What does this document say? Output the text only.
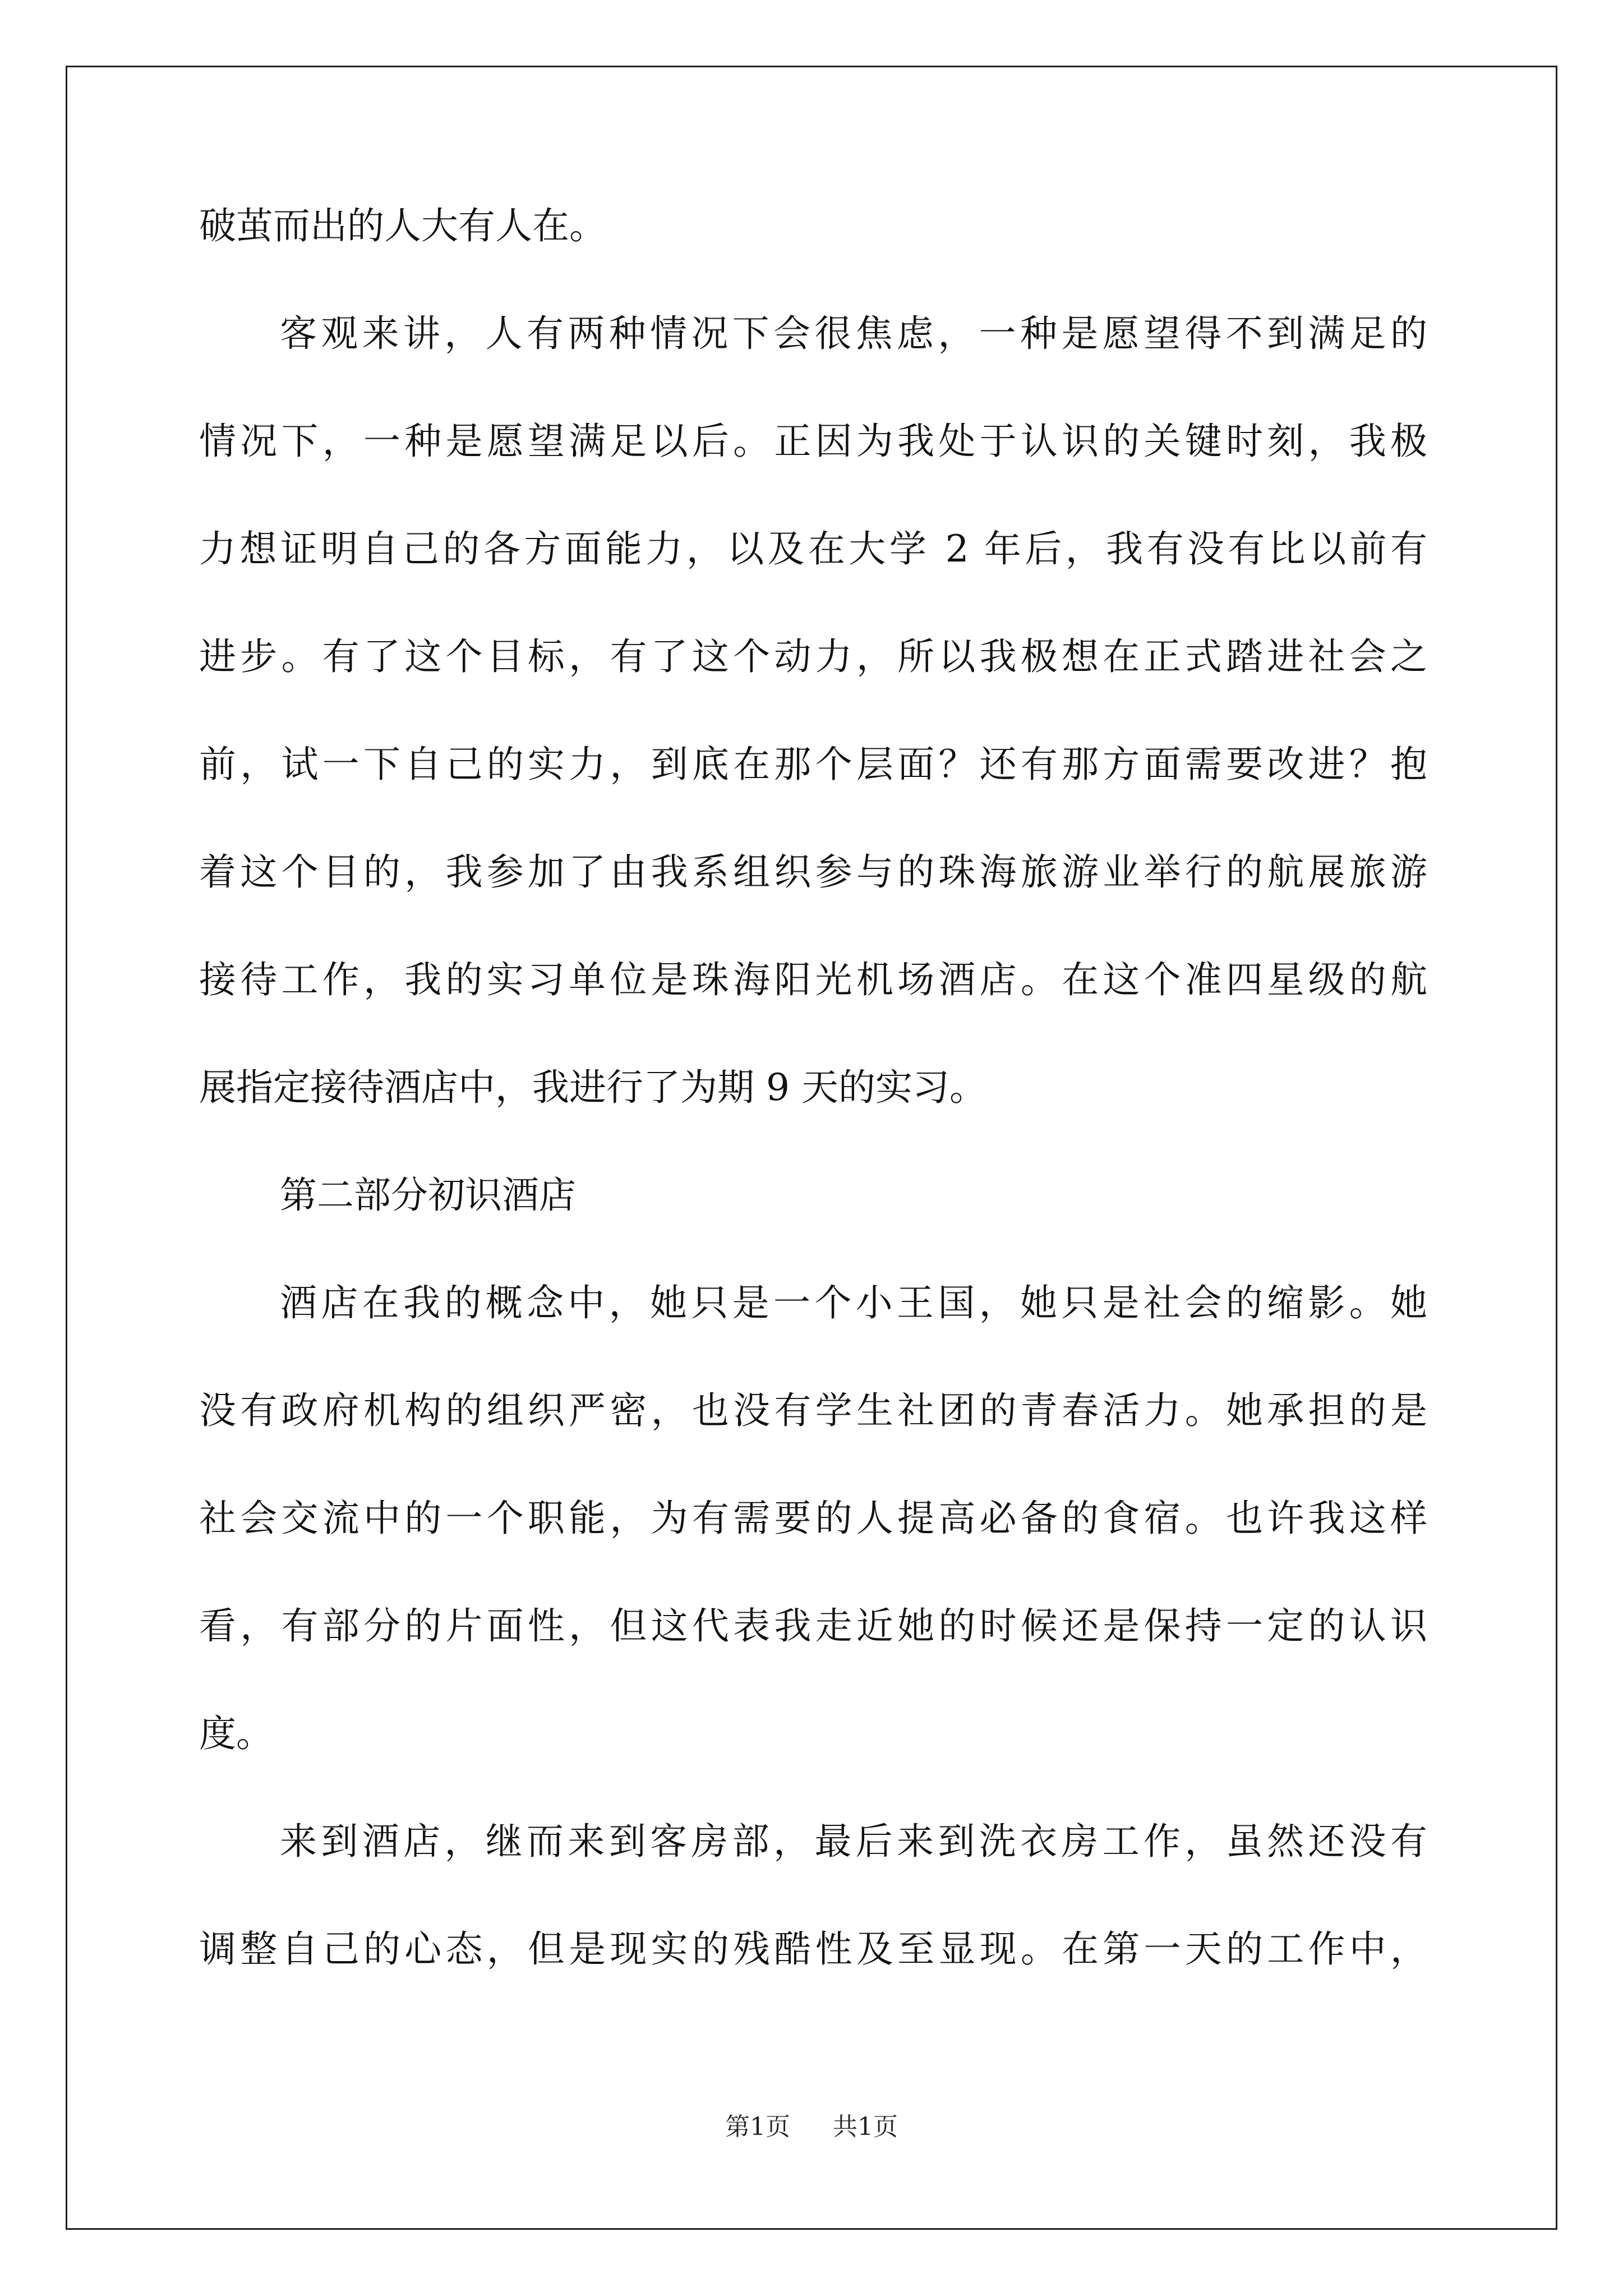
破茧而出的人大有人在。
客观来讲，人有两种情况下会很焦虑，一种是愿望得不到满足的
情况下，一种是愿望满足以后。正因为我处于认识的关键时刻，我极
力想证明自己的各方面能力，以及在大学 2 年后，我有没有比以前有
进步。有了这个目标，有了这个动力，所以我极想在正式踏进社会之
前，试一下自己的实力，到底在那个层面？还有那方面需要改进？抱
着这个目的，我参加了由我系组织参与的珠海旅游业举行的航展旅游
接待工作，我的实习单位是珠海阳光机场酒店。在这个准四星级的航
展指定接待酒店中，我进行了为期 9 天的实习。
第二部分初识酒店
酒店在我的概念中，她只是一个小王国，她只是社会的缩影。她
没有政府机构的组织严密，也没有学生社团的青春活力。她承担的是
社会交流中的一个职能，为有需要的人提高必备的食宿。也许我这样
看，有部分的片面性，但这代表我走近她的时候还是保持一定的认识
度。
来到酒店，继而来到客房部，最后来到洗衣房工作，虽然还没有
调整自己的心态，但是现实的残酷性及至显现。在第一天的工作中，
第1页 共1页
